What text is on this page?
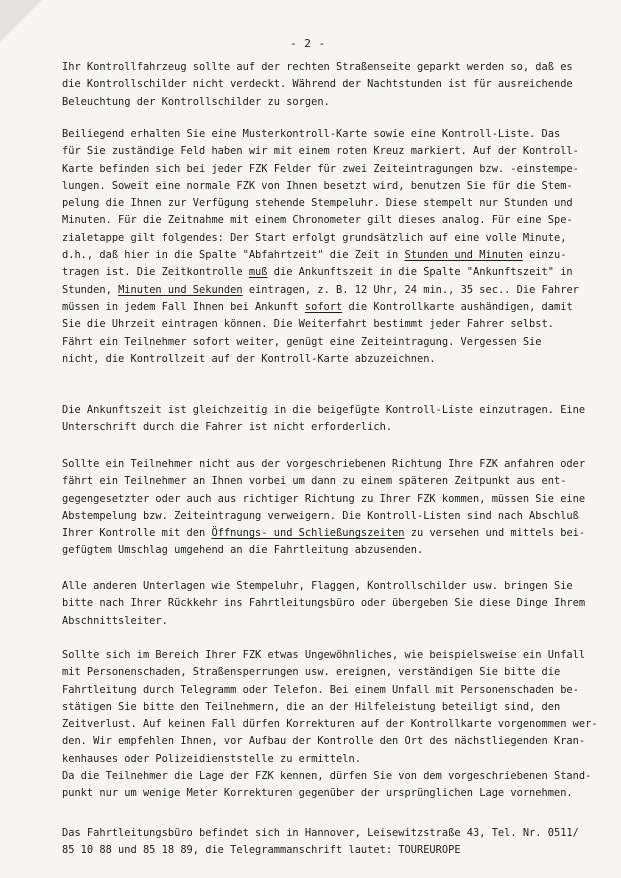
- 2 -

Ihr Kontrollfahrzeug sollte auf der rechten Straßenseite geparkt werden so, daß es
die Kontrollschilder nicht verdeckt. Während der Nachtstunden ist für ausreichende
Beleuchtung der Kontrollschilder zu sorgen.

Beiliegend erhalten Sie eine Musterkontroll-Karte sowie eine Kontroll-Liste. Das
für Sie zuständige Feld haben wir mit einem roten Kreuz markiert. Auf der Kontroll-
Karte befinden sich bei jeder FZK Felder für zwei Zeiteintragungen bzw. -einstempe-
lungen. Soweit eine normale FZK von Ihnen besetzt wird, benutzen Sie für die Stem-
pelung die Ihnen zur Verfügung stehende Stempeluhr. Diese stempelt nur Stunden und
Minuten. Für die Zeitnahme mit einem Chronometer gilt dieses analog. Für eine Spe-
zialetappe gilt folgendes: Der Start erfolgt grundsätzlich auf eine volle Minute,
d.h., daß hier in die Spalte "Abfahrtzeit" die Zeit in Stunden und Minuten einzu-
tragen ist. Die Zeitkontrolle muß die Ankunftszeit in die Spalte "Ankunftszeit" in
Stunden, Minuten und Sekunden eintragen, z. B. 12 Uhr, 24 min., 35 sec.. Die Fahrer
müssen in jedem Fall Ihnen bei Ankunft sofort die Kontrollkarte aushändigen, damit
Sie die Uhrzeit eintragen können. Die Weiterfahrt bestimmt jeder Fahrer selbst.
Fährt ein Teilnehmer sofort weiter, genügt eine Zeiteintragung. Vergessen Sie
nicht, die Kontrollzeit auf der Kontroll-Karte abzuzeichnen.

Die Ankunftszeit ist gleichzeitig in die beigefügte Kontroll-Liste einzutragen. Eine
Unterschrift durch die Fahrer ist nicht erforderlich.

Sollte ein Teilnehmer nicht aus der vorgeschriebenen Richtung Ihre FZK anfahren oder
fährt ein Teilnehmer an Ihnen vorbei um dann zu einem späteren Zeitpunkt aus ent-
gegengesetzter oder auch aus richtiger Richtung zu Ihrer FZK kommen, müssen Sie eine
Abstempelung bzw. Zeiteintragung verweigern. Die Kontroll-Listen sind nach Abschluß
Ihrer Kontrolle mit den Öffnungs- und Schließungszeiten zu versehen und mittels bei-
gefügtem Umschlag umgehend an die Fahrtleitung abzusenden.

Alle anderen Unterlagen wie Stempeluhr, Flaggen, Kontrollschilder usw. bringen Sie
bitte nach Ihrer Rückkehr ins Fahrtleitungsbüro oder übergeben Sie diese Dinge Ihrem
Abschnittsleiter.

Sollte sich im Bereich Ihrer FZK etwas Ungewöhnliches, wie beispielsweise ein Unfall
mit Personenschaden, Straßensperrungen usw. ereignen, verständigen Sie bitte die
Fahrtleitung durch Telegramm oder Telefon. Bei einem Unfall mit Personenschaden be-
stätigen Sie bitte den Teilnehmern, die an der Hilfeleistung beteiligt sind, den
Zeitverlust. Auf keinen Fall dürfen Korrekturen auf der Kontrollkarte vorgenommen wer-
den. Wir empfehlen Ihnen, vor Aufbau der Kontrolle den Ort des nächstliegenden Kran-
kenhauses oder Polizeidienststelle zu ermitteln.
Da die Teilnehmer die Lage der FZK kennen, dürfen Sie von dem vorgeschriebenen Stand-
punkt nur um wenige Meter Korrekturen gegenüber der ursprünglichen Lage vornehmen.

Das Fahrtleitungsbüro befindet sich in Hannover, Leisewitzstraße 43, Tel. Nr. 0511/
85 10 88 und 85 18 89, die Telegrammanschrift lautet: TOUREUROPE
